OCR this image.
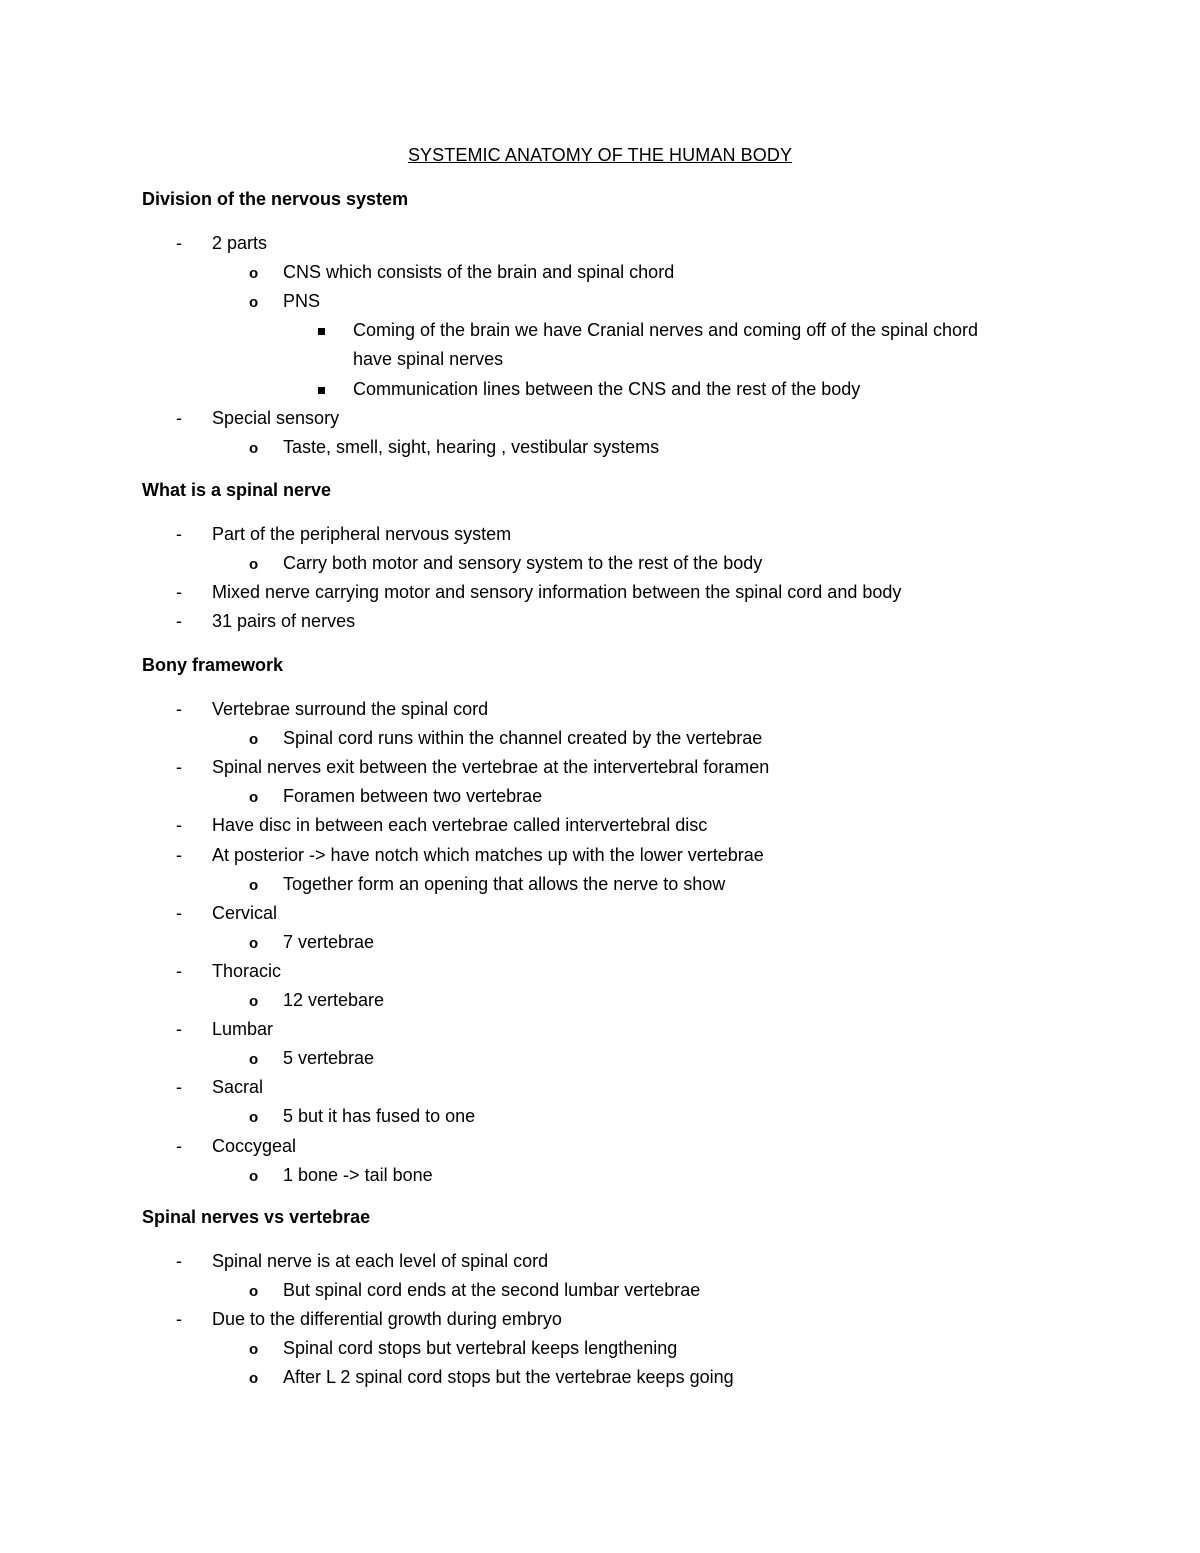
SYSTEMIC ANATOMY OF THE HUMAN BODY
Division of the nervous system
- 2 parts
o CNS which consists of the brain and spinal chord
o PNS
Coming of the brain we have Cranial nerves and coming off of the spinal chord
have spinal nerves
Communication lines between the CNS and the rest of the body
- Special sensory
o Taste, smell, sight, hearing , vestibular systems
What is a spinal nerve
- Part of the peripheral nervous system
o Carry both motor and sensory system to the rest of the body
- Mixed nerve carrying motor and sensory information between the spinal cord and body
- 31 pairs of nerves
Bony framework
- Vertebrae surround the spinal cord
o Spinal cord runs within the channel created by the vertebrae
- Spinal nerves exit between the vertebrae at the intervertebral foramen
o Foramen between two vertebrae
- Have disc in between each vertebrae called intervertebral disc
- At posterior -> have notch which matches up with the lower vertebrae
o Together form an opening that allows the nerve to show
- Cervical
o 7 vertebrae
- Thoracic
o 12 vertebare
- Lumbar
o 5 vertebrae
- Sacral
o 5 but it has fused to one
- Coccygeal
o 1 bone -> tail bone
Spinal nerves vs vertebrae
- Spinal nerve is at each level of spinal cord
o But spinal cord ends at the second lumbar vertebrae
- Due to the differential growth during embryo
o Spinal cord stops but vertebral keeps lengthening
o After L 2 spinal cord stops but the vertebrae keeps going
